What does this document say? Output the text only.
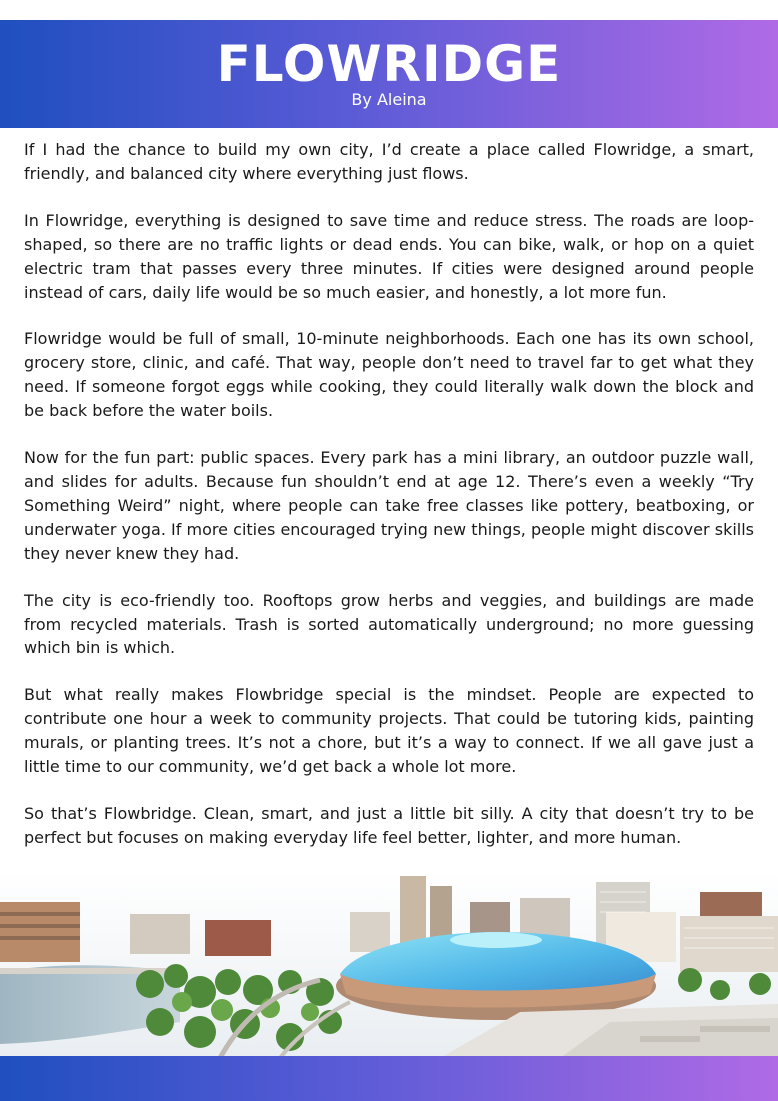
FLOWRIDGE
By Aleina

If I had the chance to build my own city, I’d create a place called Flowridge, a smart, friendly, and balanced city where everything just flows.

In Flowridge, everything is designed to save time and reduce stress. The roads are loop-shaped, so there are no traffic lights or dead ends. You can bike, walk, or hop on a quiet electric tram that passes every three minutes. If cities were designed around people instead of cars, daily life would be so much easier, and honestly, a lot more fun.

Flowridge would be full of small, 10-minute neighborhoods. Each one has its own school, grocery store, clinic, and café. That way, people don’t need to travel far to get what they need. If someone forgot eggs while cooking, they could literally walk down the block and be back before the water boils.

Now for the fun part: public spaces. Every park has a mini library, an outdoor puzzle wall, and slides for adults. Because fun shouldn’t end at age 12. There’s even a weekly “Try Something Weird” night, where people can take free classes like pottery, beatboxing, or underwater yoga. If more cities encouraged trying new things, people might discover skills they never knew they had.

The city is eco-friendly too. Rooftops grow herbs and veggies, and buildings are made from recycled materials. Trash is sorted automatically underground; no more guessing which bin is which.

But what really makes Flowbridge special is the mindset. People are expected to contribute one hour a week to community projects. That could be tutoring kids, painting murals, or planting trees. It’s not a chore, but it’s a way to connect. If we all gave just a little time to our community, we’d get back a whole lot more.

So that’s Flowbridge. Clean, smart, and just a little bit silly. A city that doesn’t try to be perfect but focuses on making everyday life feel better, lighter, and more human.
